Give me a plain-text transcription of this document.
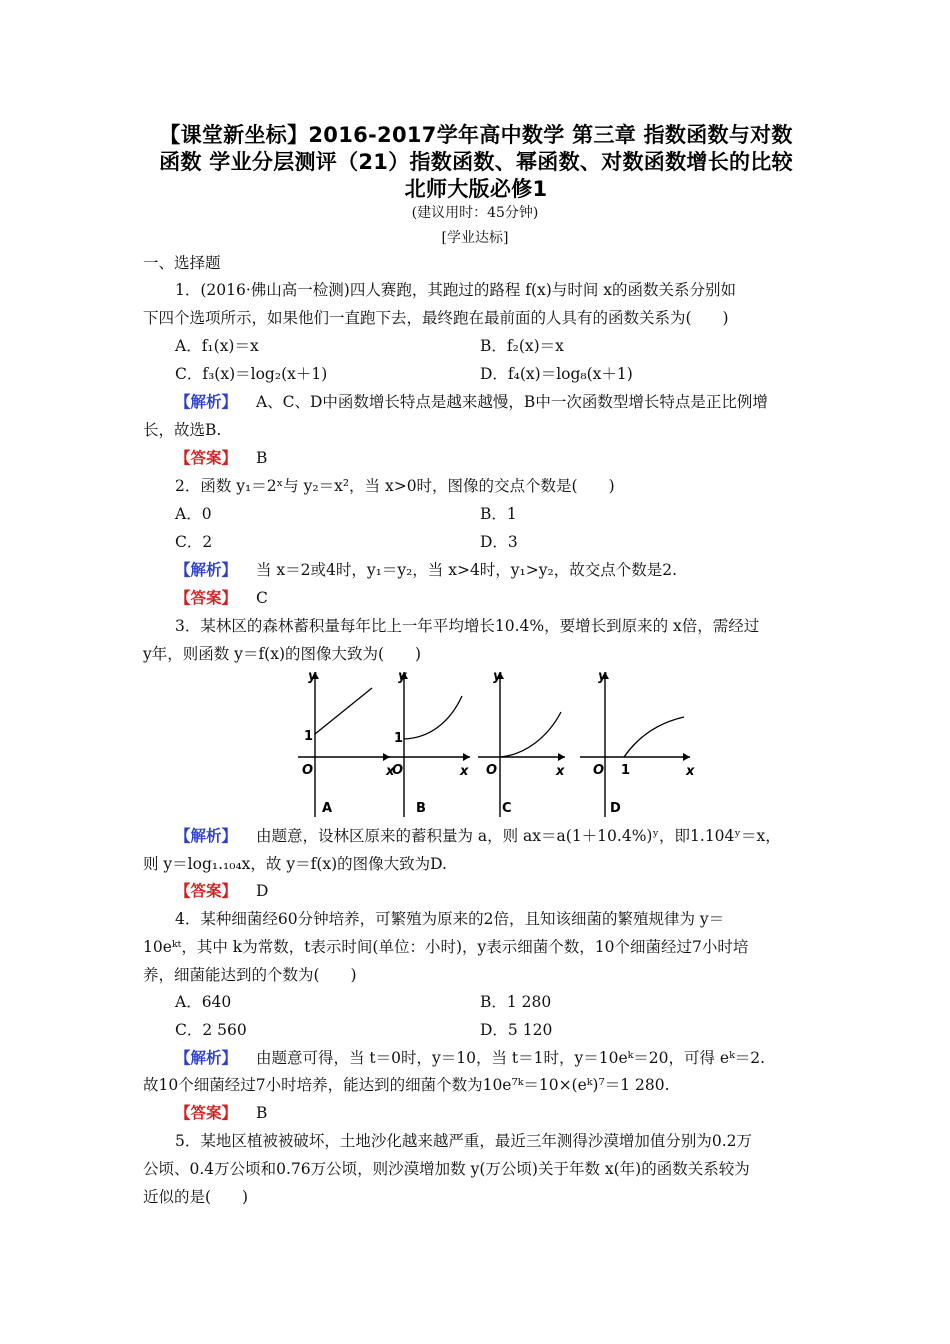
【课堂新坐标】2016-2017学年高中数学 第三章 指数函数与对数
函数 学业分层测评（21）指数函数、幂函数、对数函数增长的比较
北师大版必修1
(建议用时：45分钟)
[学业达标]
一、选择题
1．(2016·佛山高一检测)四人赛跑，其跑过的路程 f(x)与时间 x的函数关系分别如
下四个选项所示，如果他们一直跑下去，最终跑在最前面的人具有的函数关系为(　　)
A．f₁(x)＝x	B．f₂(x)＝x
C．f₃(x)＝log₂(x＋1)	D．f₄(x)＝log₈(x＋1)
【解析】 A、C、D中函数增长特点是越来越慢，B中一次函数型增长特点是正比例增
长，故选B.
【答案】 B
2．函数 y₁＝2ˣ与 y₂＝x²，当 x>0时，图像的交点个数是(　　)
A．0	B．1
C．2	D．3
【解析】 当 x＝2或4时，y₁＝y₂，当 x>4时，y₁>y₂，故交点个数是2.
【答案】 C
3．某林区的森林蓄积量每年比上一年平均增长10.4%，要增长到原来的 x倍，需经过
y年，则函数 y＝f(x)的图像大致为(　　)
y
x
O
1
A
y
x
O
1
B
y
x
O
C
y
x
O 1
D
【解析】 由题意，设林区原来的蓄积量为 a，则 ax＝a(1＋10.4%)ʸ，即1.104ʸ＝x，
则 y＝log₁.₁₀₄x，故 y＝f(x)的图像大致为D.
【答案】 D
4．某种细菌经60分钟培养，可繁殖为原来的2倍，且知该细菌的繁殖规律为 y＝
10eᵏᵗ，其中 k为常数，t表示时间(单位：小时)，y表示细菌个数，10个细菌经过7小时培
养，细菌能达到的个数为(　　)
A．640	B．1 280
C．2 560	D．5 120
【解析】 由题意可得，当 t＝0时，y＝10，当 t＝1时，y＝10eᵏ＝20，可得 eᵏ＝2.
故10个细菌经过7小时培养，能达到的细菌个数为10e⁷ᵏ＝10×(eᵏ)⁷＝1 280.
【答案】 B
5．某地区植被被破坏，土地沙化越来越严重，最近三年测得沙漠增加值分别为0.2万
公顷、0.4万公顷和0.76万公顷，则沙漠增加数 y(万公顷)关于年数 x(年)的函数关系较为
近似的是(　　)
